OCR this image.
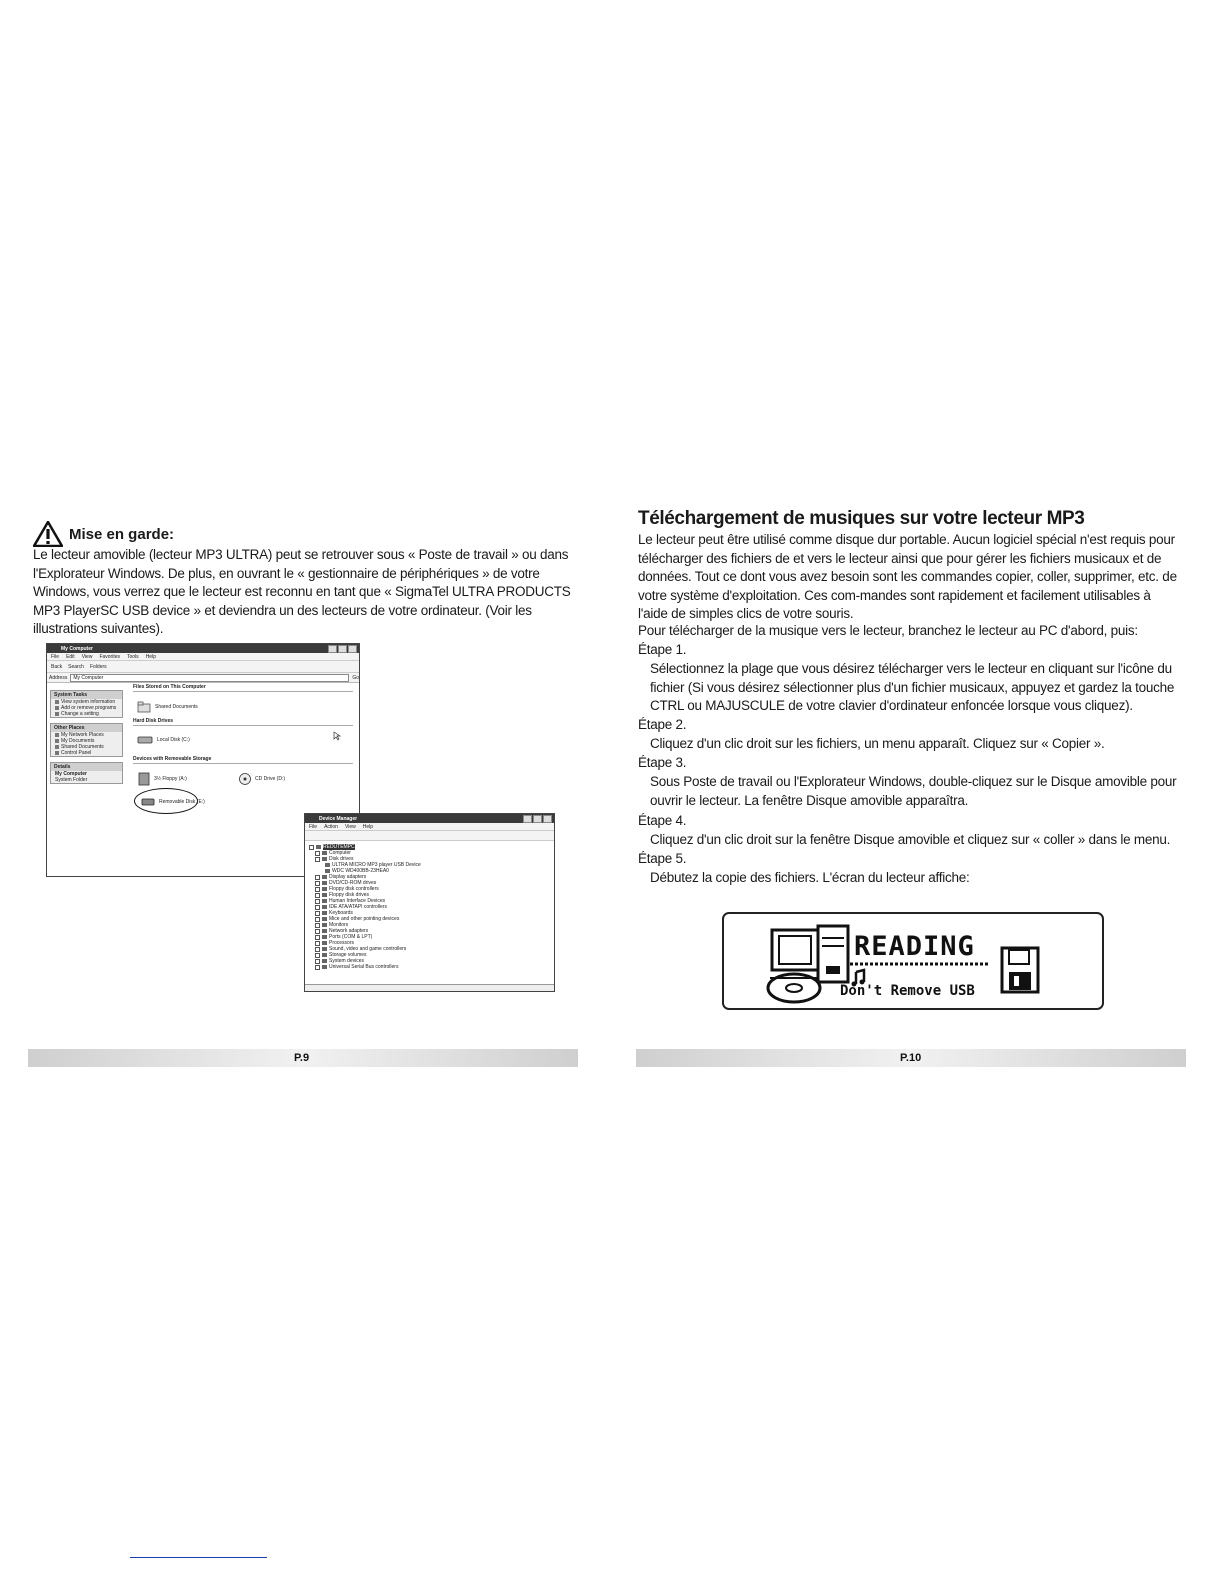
Mise en garde:
Le lecteur amovible (lecteur MP3 ULTRA) peut se retrouver sous « Poste de travail » ou dans l'Explorateur Windows. De plus, en ouvrant le « gestionnaire de périphériques » de votre Windows, vous verrez que le lecteur est reconnu en tant que « SigmaTel ULTRA PRODUCTS MP3 PlayerSC USB device » et deviendra un des lecteurs de votre ordinateur. (Voir les illustrations suivantes).
My Computer
File Edit View Favorites Tools Help
Back Search Folders
Address	My Computer	Go
System Tasks
View system information
Add or remove programs
Change a setting
Other Places
My Network Places
My Documents
Shared Documents
Control Panel
Details
My Computer
System Folder
Files Stored on This Computer
Shared Documents
Hard Disk Drives
Local Disk (C:)
Devices with Removable Storage
3½ Floppy (A:)	CD Drive (D:)
Removable Disk (E:)
Device Manager
File Action View Help
REDUTEMPC
Computer
Disk drives
ULTRA MICRO MP3 player USB Device
WDC WD400BB-23HEA0
Display adapters
DVD/CD-ROM drives
Floppy disk controllers
Floppy disk drives
Human Interface Devices
IDE ATA/ATAPI controllers
Keyboards
Mice and other pointing devices
Monitors
Network adapters
Ports (COM & LPT)
Processors
Sound, video and game controllers
Storage volumes
System devices
Universal Serial Bus controllers
P.9
Téléchargement de musiques sur votre lecteur MP3
Le lecteur peut être utilisé comme disque dur portable. Aucun logiciel spécial n'est requis pour télécharger des fichiers de et vers le lecteur ainsi que pour gérer les fichiers musicaux et de données. Tout ce dont vous avez besoin sont les commandes copier, coller, supprimer, etc. de votre système d'exploitation. Ces com-mandes sont rapidement et facilement utilisables à l'aide de simples clics de votre souris.
Pour télécharger de la musique vers le lecteur, branchez le lecteur au PC d'abord, puis:
Étape 1.
Sélectionnez la plage que vous désirez télécharger vers le lecteur en cliquant sur l'icône du fichier (Si vous désirez sélectionner plus d'un fichier musicaux, appuyez et gardez la touche CTRL ou MAJUSCULE de votre clavier d'ordinateur enfoncée lorsque vous cliquez).
Étape 2.
Cliquez d'un clic droit sur les fichiers, un menu apparaît. Cliquez sur « Copier ».
Étape 3.
Sous Poste de travail ou l'Explorateur Windows, double-cliquez sur le Disque amovible pour ouvrir le lecteur. La fenêtre Disque amovible apparaîtra.
Étape 4.
Cliquez d'un clic droit sur la fenêtre Disque amovible et cliquez sur « coller » dans le menu.
Étape 5.
Débutez la copie des fichiers. L'écran du lecteur affiche:
READING
Don't Remove USB
P.10
